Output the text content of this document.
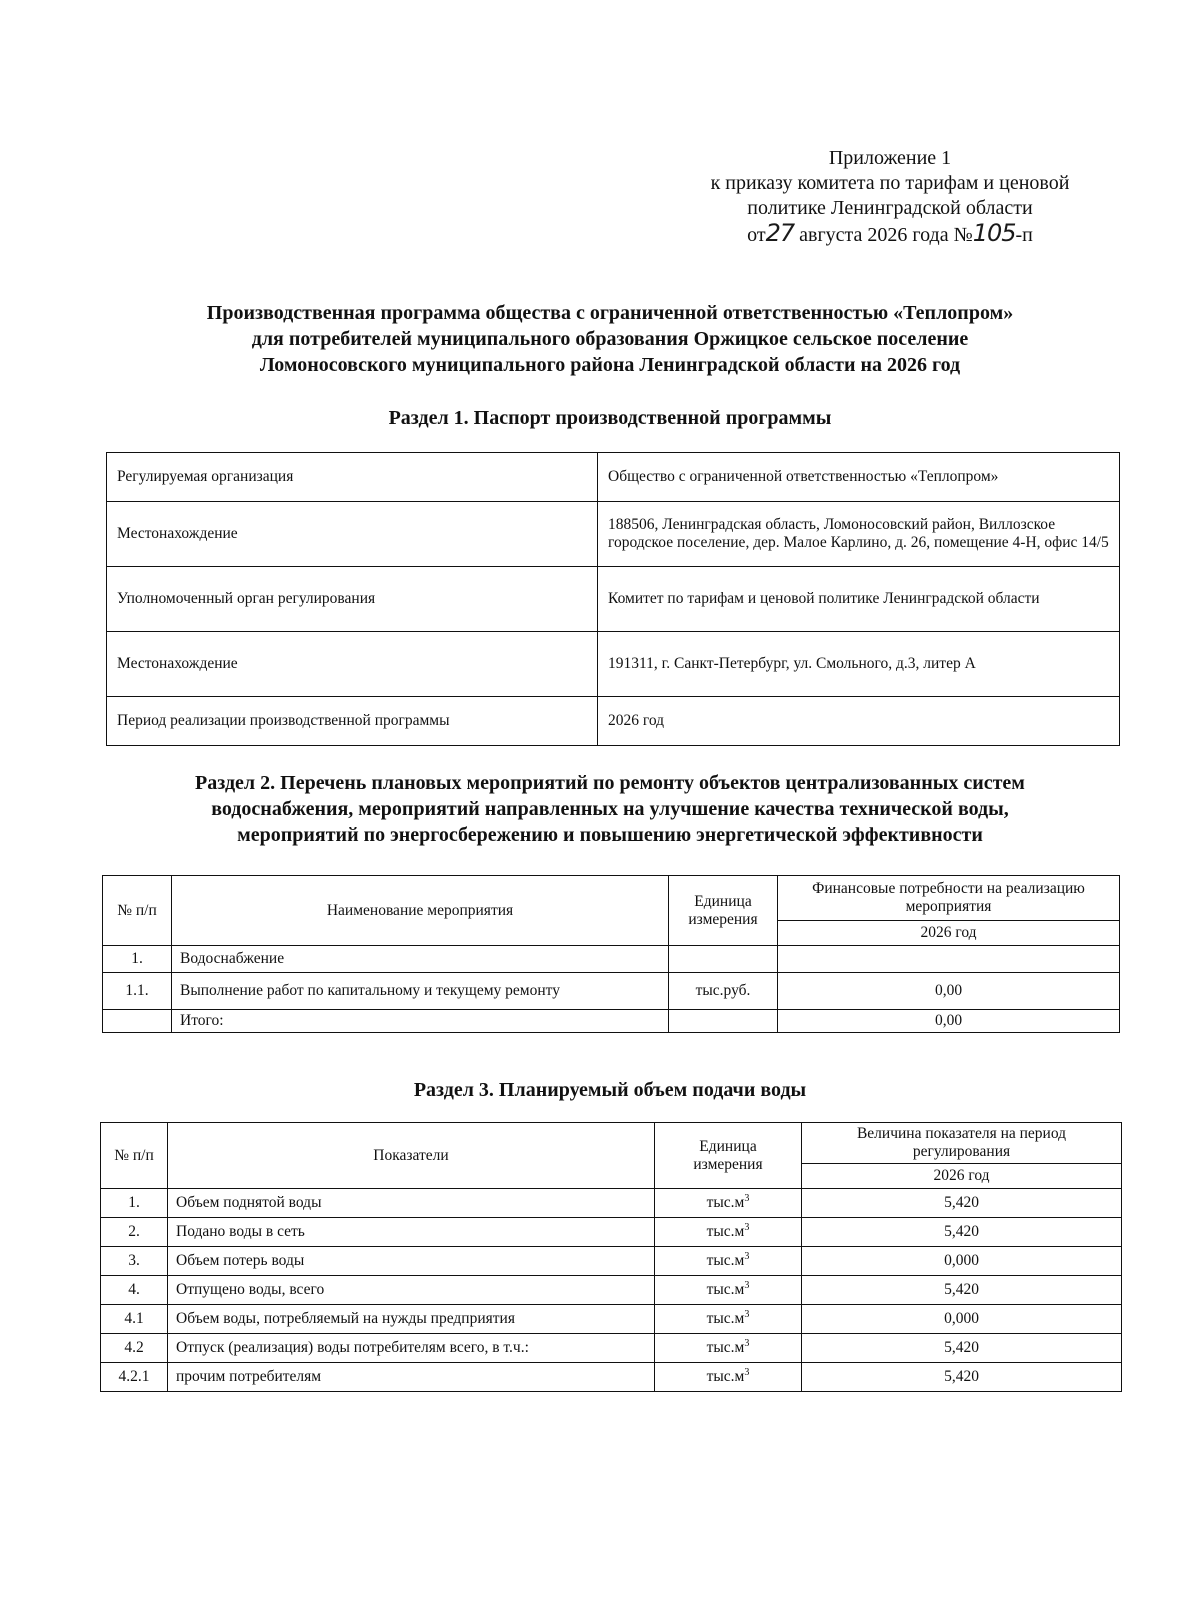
Приложение 1
к приказу комитета по тарифам и ценовой
политике Ленинградской области
от27 августа 2026 года №105-п
Производственная программа общества с ограниченной ответственностью «Теплопром»
для потребителей муниципального образования Оржицкое сельское поселение
Ломоносовского муниципального района Ленинградской области на 2026 год
Раздел 1. Паспорт производственной программы
Регулируемая организация	Общество с ограниченной ответственностью «Теплопром»
Местонахождение	188506, Ленинградская область, Ломоносовский район, Виллозское городское поселение, дер. Малое Карлино, д. 26, помещение 4-Н, офис 14/5
Уполномоченный орган регулирования	Комитет по тарифам и ценовой политике Ленинградской области
Местонахождение	191311, г. Санкт-Петербург, ул. Смольного, д.3, литер А
Период реализации производственной программы	2026 год
Раздел 2. Перечень плановых мероприятий по ремонту объектов централизованных систем
водоснабжения, мероприятий направленных на улучшение качества технической воды,
мероприятий по энергосбережению и повышению энергетической эффективности
№ п/п	Наименование мероприятия	Единица измерения	Финансовые потребности на реализацию мероприятия
			2026 год
1.	Водоснабжение		
1.1.	Выполнение работ по капитальному и текущему ремонту	тыс.руб.	0,00
	Итого:		0,00
Раздел 3. Планируемый объем подачи воды
№ п/п	Показатели	Единица измерения	Величина показателя на период регулирования
			2026 год
1.	Объем поднятой воды	$тыс.м^3$	5,420
2.	Подано воды в сеть	$тыс.м^3$	5,420
3.	Объем потерь воды	$тыс.м^3$	0,000
4.	Отпущено воды, всего	$тыс.м^3$	5,420
4.1	Объем воды, потребляемый на нужды предприятия	$тыс.м^3$	0,000
4.2	Отпуск (реализация) воды потребителям всего, в т.ч.:	$тыс.м^3$	5,420
4.2.1	прочим потребителям	$тыс.м^3$	5,420
